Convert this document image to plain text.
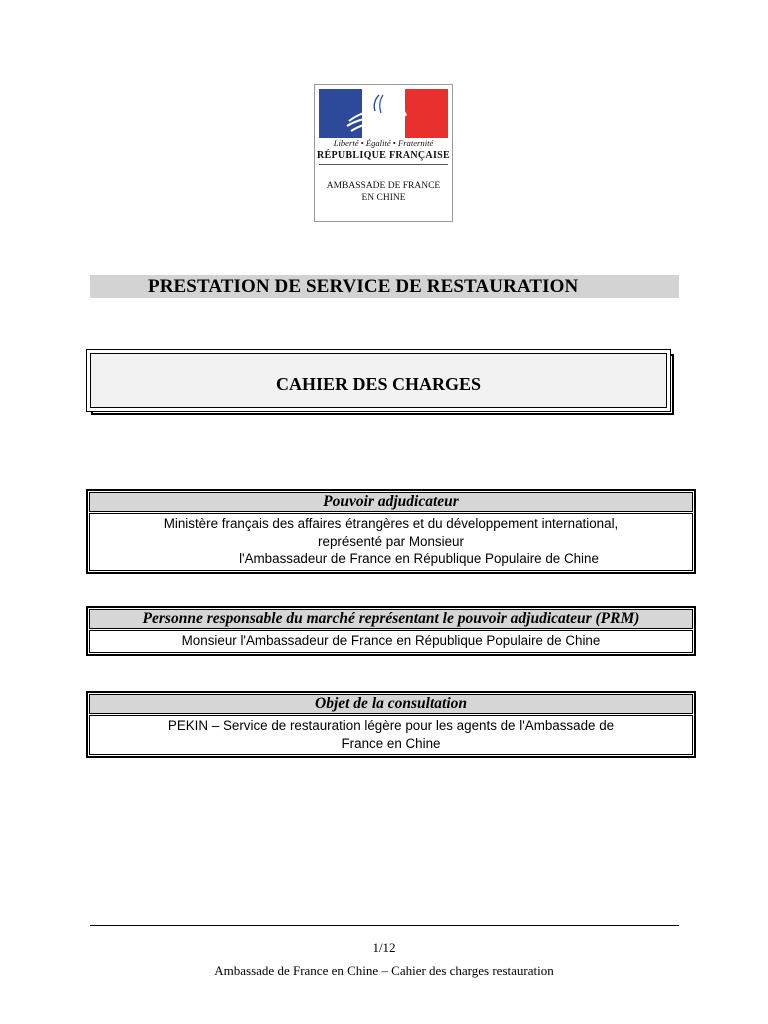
Liberté • Égalité • Fraternité
RÉPUBLIQUE FRANÇAISE
AMBASSADE DE FRANCE
EN CHINE
PRESTATION DE SERVICE DE RESTAURATION
CAHIER DES CHARGES
Pouvoir adjudicateur
Ministère français des affaires étrangères et du développement international,
représenté par Monsieur
l'Ambassadeur de France en République Populaire de Chine
Personne responsable du marché représentant le pouvoir adjudicateur (PRM)
Monsieur l'Ambassadeur de France en République Populaire de Chine
Objet de la consultation
PEKIN – Service de restauration légère pour les agents de l'Ambassade de
France en Chine
1/12
Ambassade de France en Chine – Cahier des charges restauration
